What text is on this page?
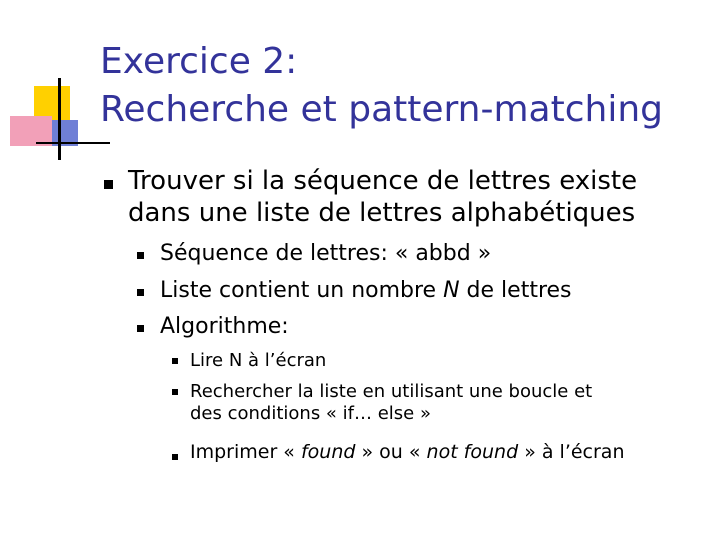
Exercice 2:
Recherche et pattern-matching
Trouver si la séquence de lettres existe
dans une liste de lettres alphabétiques
Séquence de lettres: « abbd »
Liste contient un nombre N de lettres
Algorithme:
Lire N à l’écran
Rechercher la liste en utilisant une boucle et
des conditions « if… else »
Imprimer « found » ou « not found » à l’écran
